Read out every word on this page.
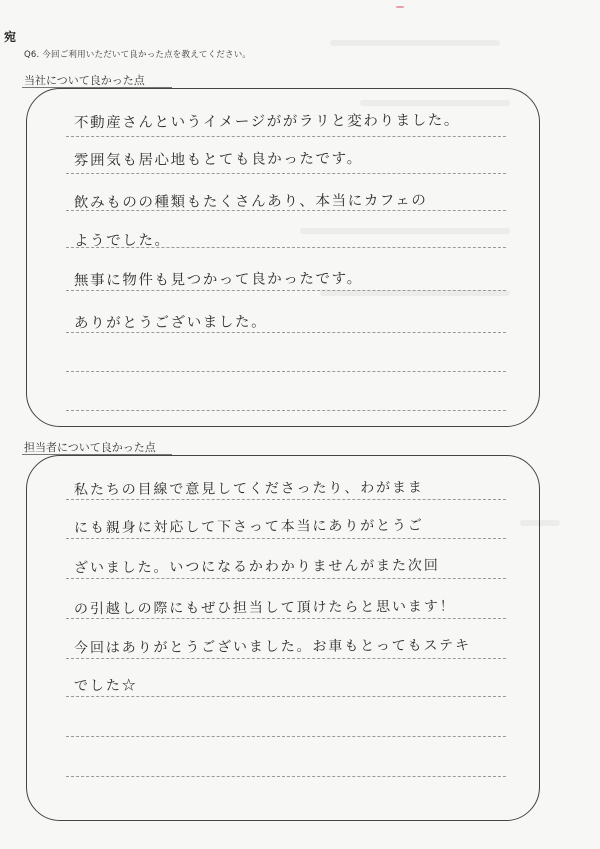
宛
Q6. 今回ご利用いただいて良かった点を教えてください。
当社について良かった点
不動産さんというイメージががラリと変わりました。
雰囲気も居心地もとても良かったです。
飲みものの種類もたくさんあり、本当にカフェの
ようでした。
無事に物件も見つかって良かったです。
ありがとうございました。
担当者について良かった点
私たちの目線で意見してくださったり、わがまま
にも親身に対応して下さって本当にありがとうご
ざいました。いつになるかわかりませんがまた次回
の引越しの際にもぜひ担当して頂けたらと思います！
今回はありがとうございました。お車もとってもステキ
でした☆
